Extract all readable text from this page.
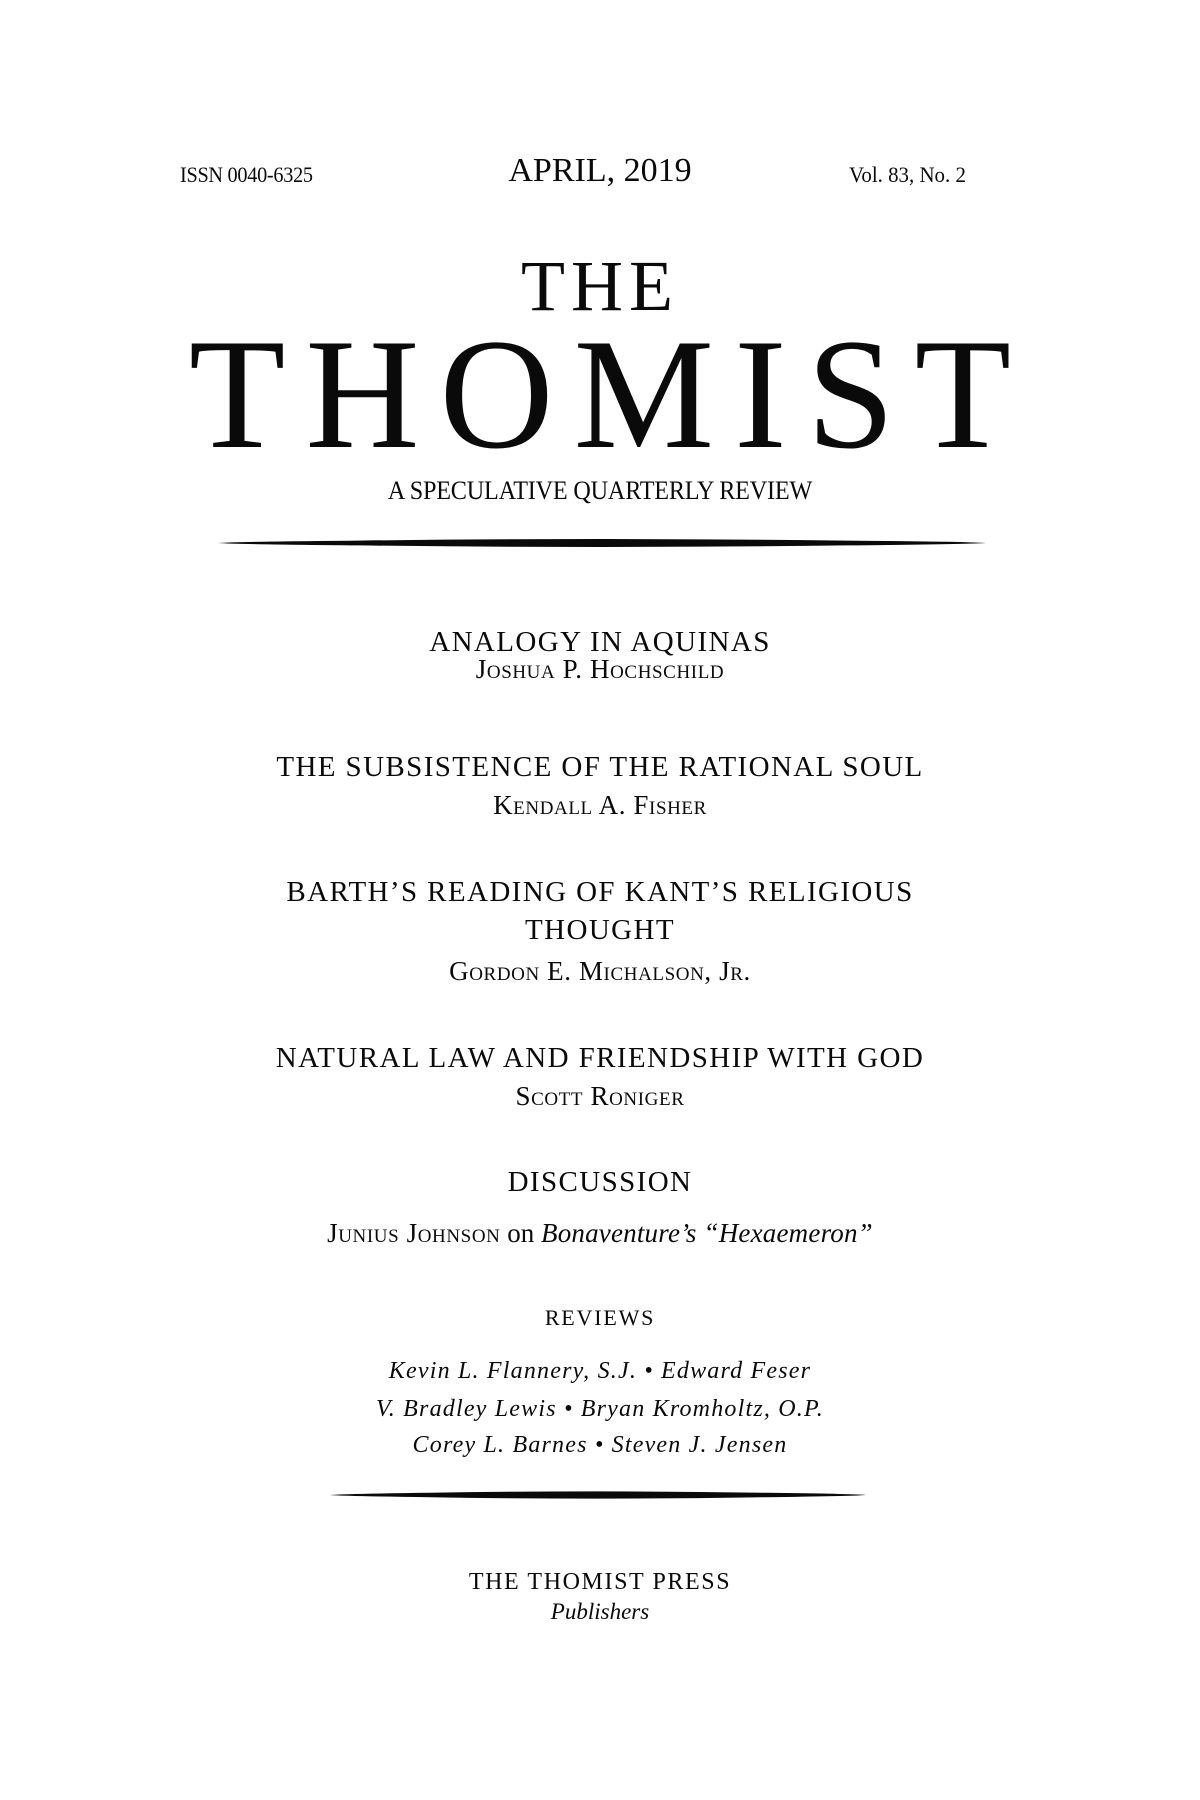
ISSN 0040-6325	APRIL, 2019	Vol. 83, No. 2
THE
THOMIST
A SPECULATIVE QUARTERLY REVIEW
ANALOGY IN AQUINAS
Joshua P. Hochschild
THE SUBSISTENCE OF THE RATIONAL SOUL
Kendall A. Fisher
BARTH’S READING OF KANT’S RELIGIOUS
THOUGHT
Gordon E. Michalson, Jr.
NATURAL LAW AND FRIENDSHIP WITH GOD
Scott Roniger
DISCUSSION
Junius Johnson on Bonaventure’s “Hexaemeron”
REVIEWS
Kevin L. Flannery, S.J. • Edward Feser
V. Bradley Lewis • Bryan Kromholtz, O.P.
Corey L. Barnes • Steven J. Jensen
THE THOMIST PRESS
Publishers
